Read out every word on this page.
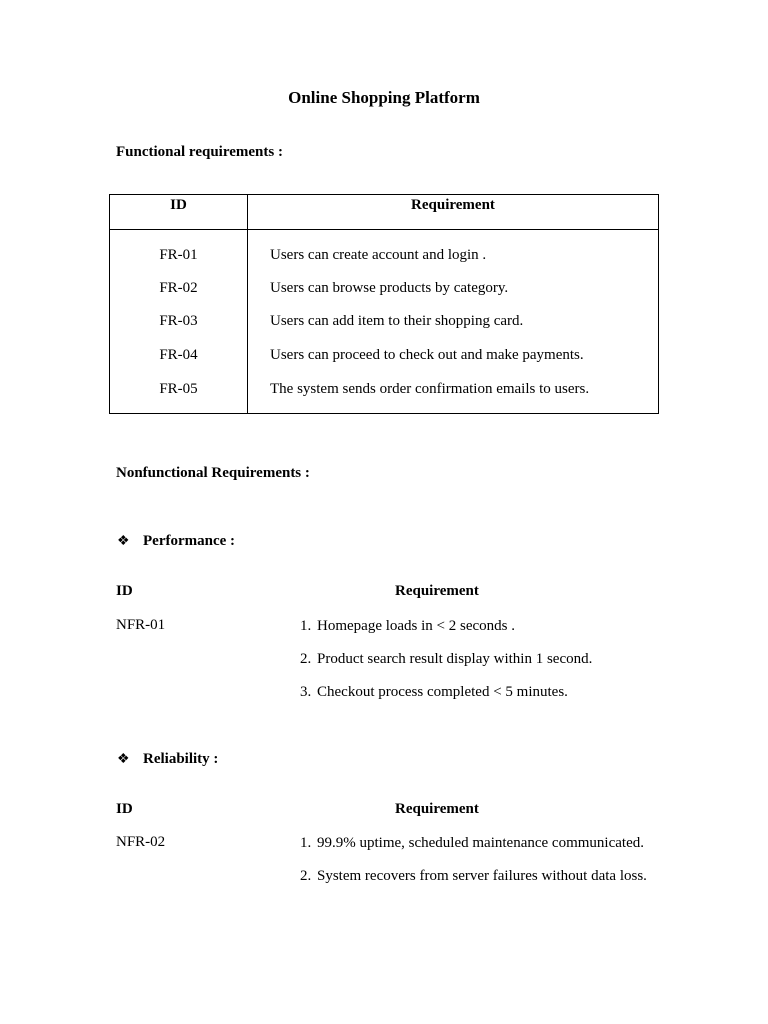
Online Shopping Platform
Functional requirements :
ID	Requirement
FR-01	Users can create account and login .
FR-02	Users can browse products by category.
FR-03	Users can add item to their shopping card.
FR-04	Users can proceed to check out and make payments.
FR-05	The system sends order confirmation emails to users.
Nonfunctional Requirements :
❖ Performance :
ID	Requirement
NFR-01	1. Homepage loads in < 2 seconds .
2. Product search result display within 1 second.
3. Checkout process completed < 5 minutes.
❖ Reliability :
ID	Requirement
NFR-02	1. 99.9% uptime, scheduled maintenance communicated.
2. System recovers from server failures without data loss.
